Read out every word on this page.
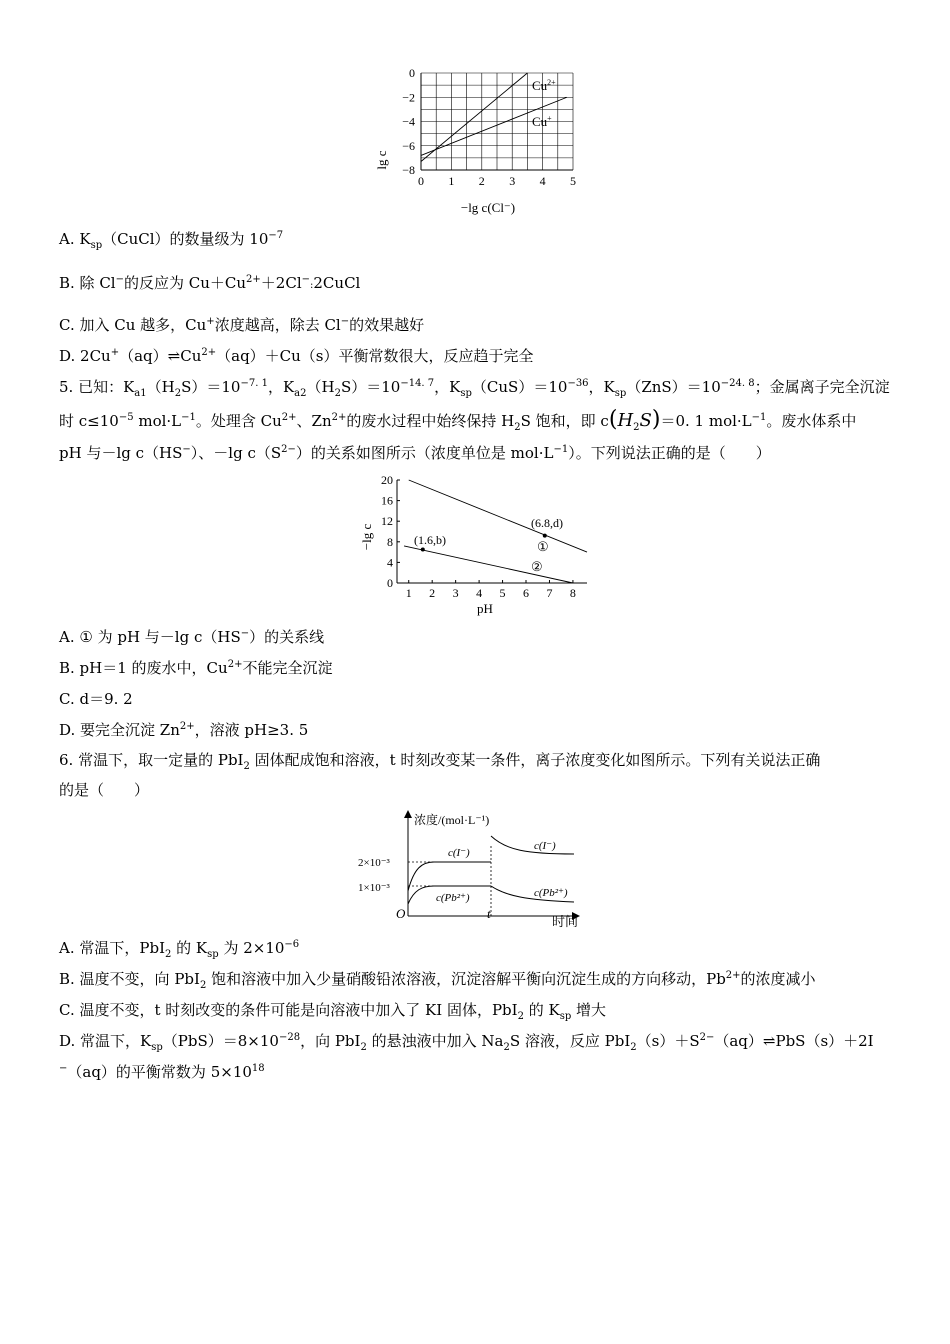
0
−2
−4
−6
−8
0 1 2 3 4 5
lg c
$Cu^{2+}$
Cu+
−lg c(Cl⁻)
A. $K_{sp}(CuCl)$的数量级为 $10^{-7}$
B. 除 Cl−的反应为 $Cu+Cu^{2+}+2Cl^-:2CuCl$
C. 加入 Cu 越多，Cu+浓度越高，除去 Cl−的效果越好
D. $2Cu^+(aq)\rightleftharpoons Cu^{2+}(aq)+Cu(s)$平衡常数很大，反应趋于完全
5. 已知：$K_{a1}(H_2S)=10^{-7. 1}$，$K_{a2}(H_2S)=10^{-14. 7}$，$K_{sp}(CuS)=10^{-36}$，$K_{sp}(ZnS)=10^{-24. 8}$；金属离子完全沉淀
时 $c\le 10^{-5}$ $mol\cdot L^{-1}$。处理含 $Cu^{2+}$、$Zn^{2+}$的废水过程中始终保持 $H_2S$ 饱和，即 $c(H_2S)=0$. 1 $mol\cdot L^{-1}$。废水体系中
pH 与－lg c（HS−）、－lg $c(S^{2-})$的关系如图所示（浓度单位是 $mol\cdot L^{-1}$）。下列说法正确的是（　　）
20
16
12
8
4
0
1 2 3 4 5 6 7 8
−lg c
pH
(1.6,b)
(6.8,d)
①
②
A. ① 为 pH 与－lg c（HS−）的关系线
B. pH＝1 的废水中，$Cu^{2+}$不能完全沉淀
C. d＝9. 2
D. 要完全沉淀 $Zn^{2+}$，溶液 pH≥3. 5
6. 常温下，取一定量的 PbI$_2$ 固体配成饱和溶液，t 时刻改变某一条件，离子浓度变化如图所示。下列有关说法正确
的是（　　）
浓度/(mol·L⁻¹)
时间
O	t
2×10⁻³
1×10⁻³
c(I⁻)
c(Pb²⁺)
c(I⁻)
c(Pb²⁺)
A. 常温下，PbI$_2$ 的 $K_{sp}$ 为 $2\times 10^{-6}$
B. 温度不变，向 PbI$_2$ 饱和溶液中加入少量硝酸铅浓溶液，沉淀溶解平衡向沉淀生成的方向移动，$Pb^{2+}$的浓度减小
C. 温度不变，t 时刻改变的条件可能是向溶液中加入了 KI 固体，PbI$_2$ 的 $K_{sp}$ 增大
D. 常温下，$K_{sp}(PbS)=8\times 10^{-28}$，向 PbI$_2$ 的悬浊液中加入 $Na_2S$ 溶液，反应 $PbI_2(s)+S^{2-}(aq)\rightleftharpoons PbS(s)+2I$
−（aq）的平衡常数为 $5\times 10^{18}$
